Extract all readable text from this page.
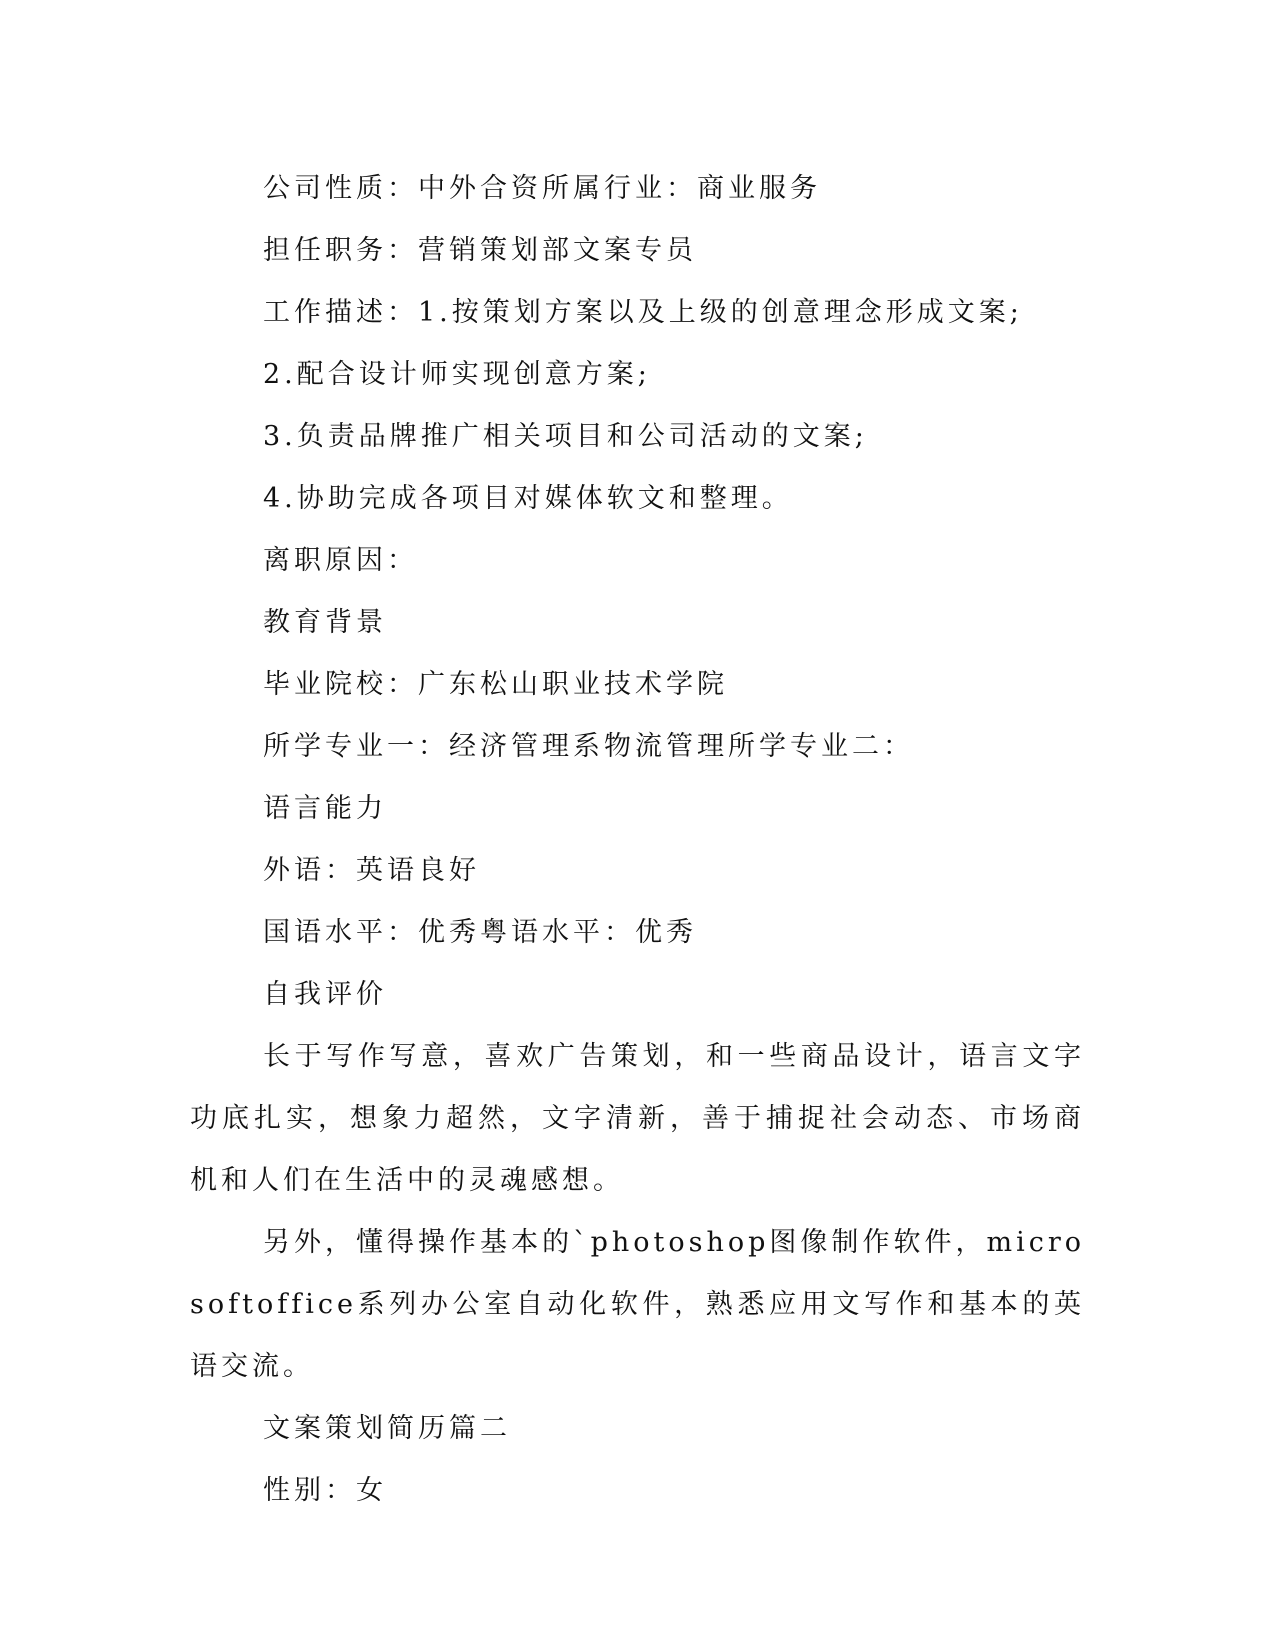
公司性质：中外合资所属行业：商业服务
担任职务：营销策划部文案专员
工作描述：1.按策划方案以及上级的创意理念形成文案;
2.配合设计师实现创意方案;
3.负责品牌推广相关项目和公司活动的文案;
4.协助完成各项目对媒体软文和整理。
离职原因：
教育背景
毕业院校：广东松山职业技术学院
所学专业一：经济管理系物流管理所学专业二：
语言能力
外语：英语良好
国语水平：优秀粤语水平：优秀
自我评价
长于写作写意，喜欢广告策划，和一些商品设计，语言文字功底扎实，想象力超然，文字清新，善于捕捉社会动态、市场商机和人们在生活中的灵魂感想。
另外，懂得操作基本的`photoshop图像制作软件，microsoftoffice系列办公室自动化软件，熟悉应用文写作和基本的英语交流。
文案策划简历篇二
性别：女
